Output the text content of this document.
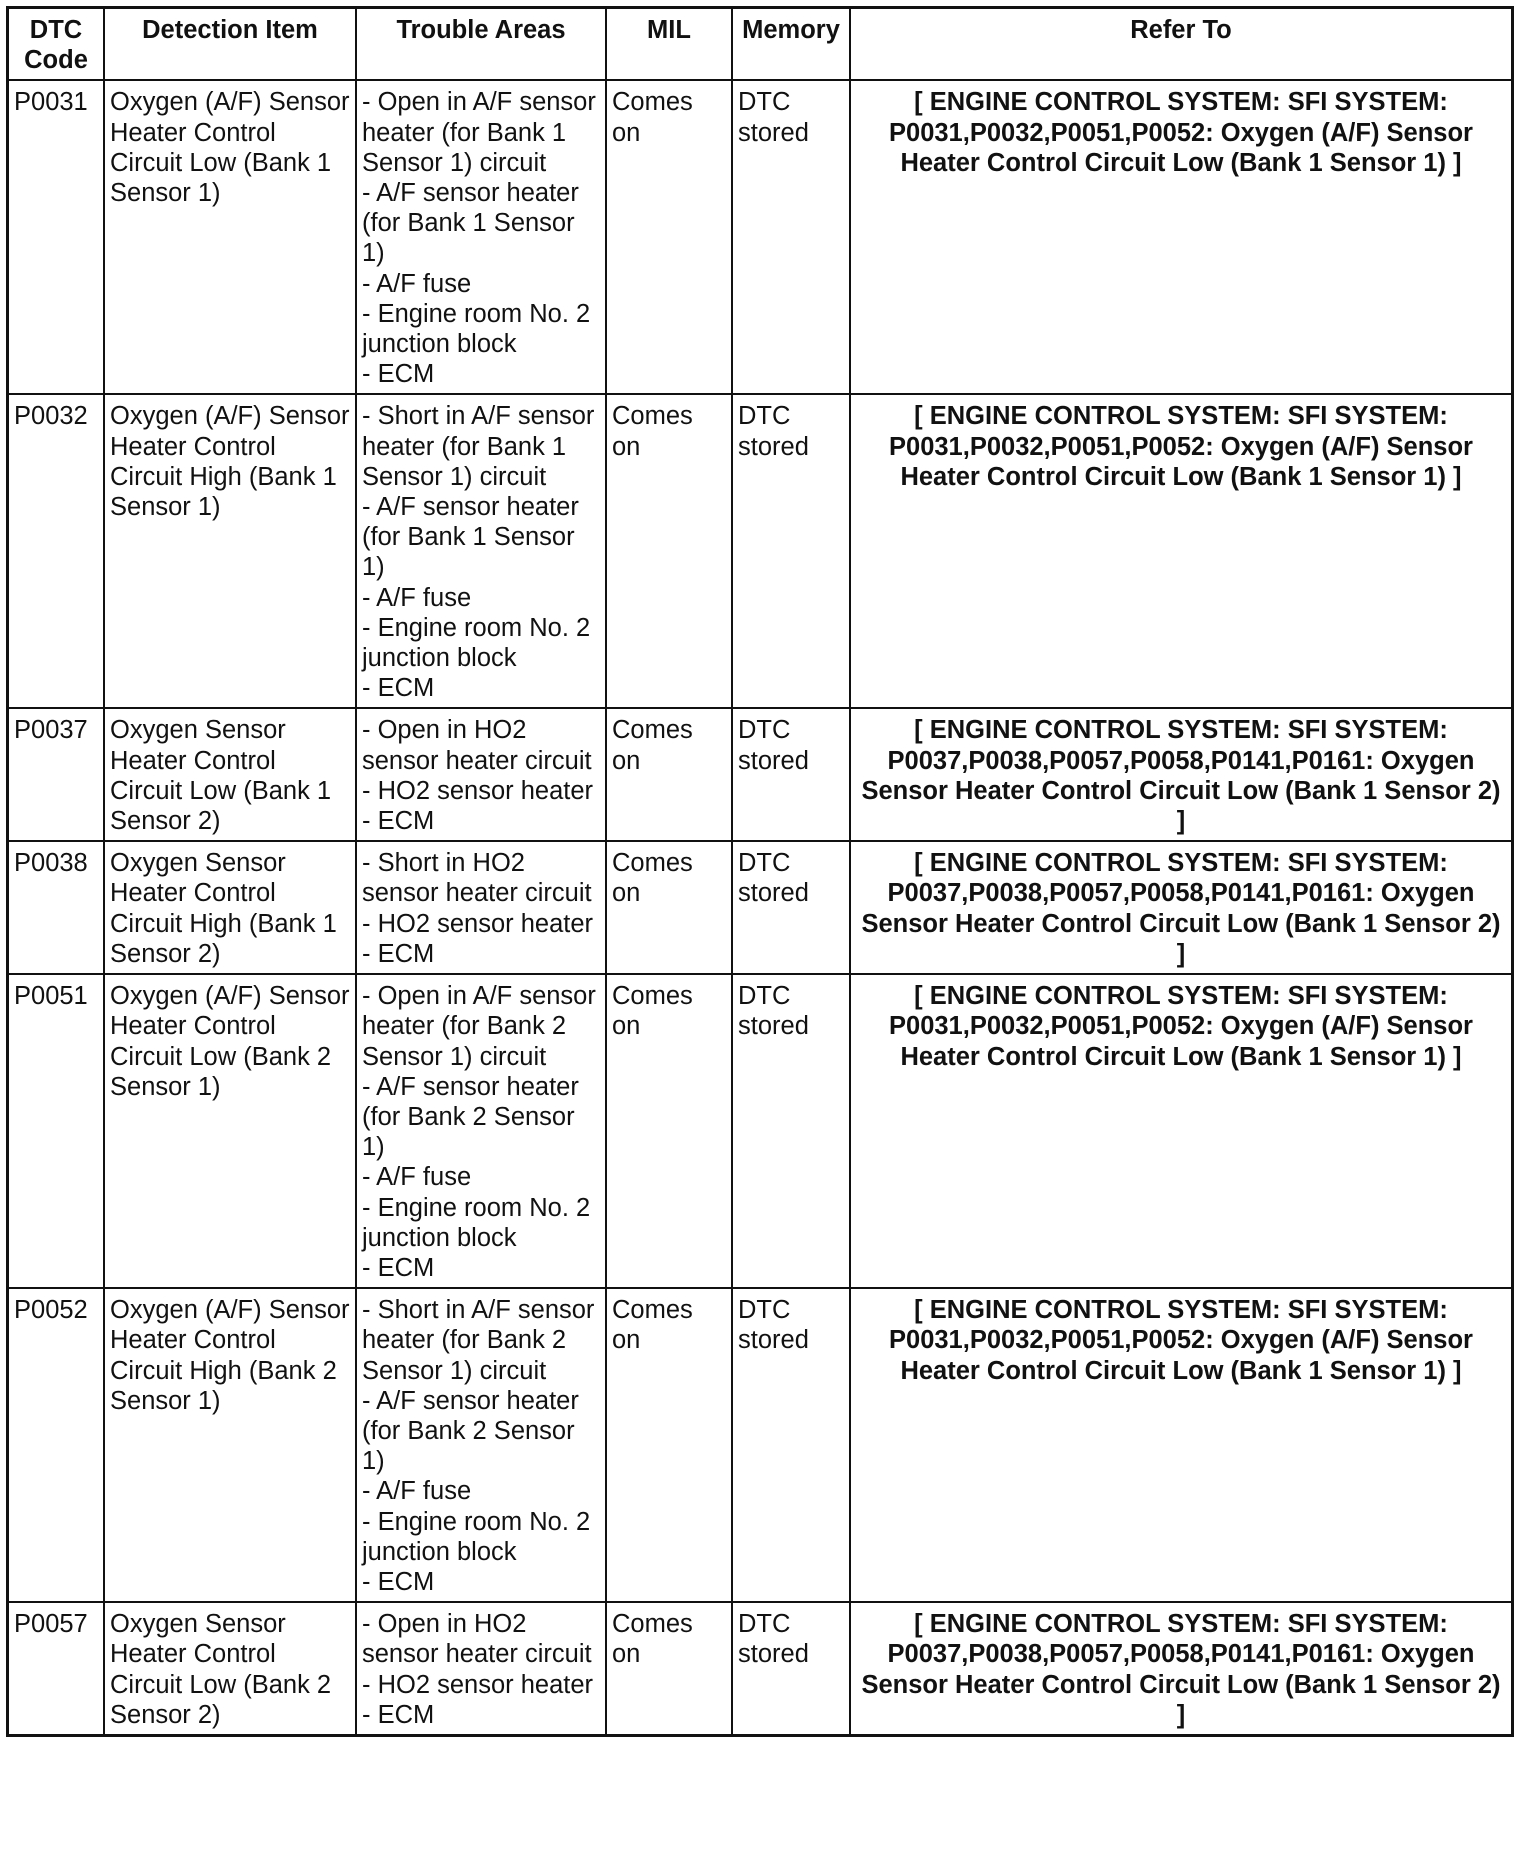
DTC
Code	Detection Item	Trouble Areas	MIL	Memory	Refer To
P0031	Oxygen (A/F) Sensor Heater Control Circuit Low (Bank 1 Sensor 1)	- Open in A/F sensor heater (for Bank 1 Sensor 1) circuit
- A/F sensor heater (for Bank 1 Sensor 1)
- A/F fuse
- Engine room No. 2 junction block
- ECM	Comes on	DTC stored	[ ENGINE CONTROL SYSTEM: SFI SYSTEM: P0031,P0032,P0051,P0052: Oxygen (A/F) Sensor Heater Control Circuit Low (Bank 1 Sensor 1) ]
P0032	Oxygen (A/F) Sensor Heater Control Circuit High (Bank 1 Sensor 1)	- Short in A/F sensor heater (for Bank 1 Sensor 1) circuit
- A/F sensor heater (for Bank 1 Sensor 1)
- A/F fuse
- Engine room No. 2 junction block
- ECM	Comes on	DTC stored	[ ENGINE CONTROL SYSTEM: SFI SYSTEM: P0031,P0032,P0051,P0052: Oxygen (A/F) Sensor Heater Control Circuit Low (Bank 1 Sensor 1) ]
P0037	Oxygen Sensor Heater Control Circuit Low (Bank 1 Sensor 2)	- Open in HO2 sensor heater circuit
- HO2 sensor heater
- ECM	Comes on	DTC stored	[ ENGINE CONTROL SYSTEM: SFI SYSTEM: P0037,P0038,P0057,P0058,P0141,P0161: Oxygen Sensor Heater Control Circuit Low (Bank 1 Sensor 2) ]
P0038	Oxygen Sensor Heater Control Circuit High (Bank 1 Sensor 2)	- Short in HO2 sensor heater circuit
- HO2 sensor heater
- ECM	Comes on	DTC stored	[ ENGINE CONTROL SYSTEM: SFI SYSTEM: P0037,P0038,P0057,P0058,P0141,P0161: Oxygen Sensor Heater Control Circuit Low (Bank 1 Sensor 2) ]
P0051	Oxygen (A/F) Sensor Heater Control Circuit Low (Bank 2 Sensor 1)	- Open in A/F sensor heater (for Bank 2 Sensor 1) circuit
- A/F sensor heater (for Bank 2 Sensor 1)
- A/F fuse
- Engine room No. 2 junction block
- ECM	Comes on	DTC stored	[ ENGINE CONTROL SYSTEM: SFI SYSTEM: P0031,P0032,P0051,P0052: Oxygen (A/F) Sensor Heater Control Circuit Low (Bank 1 Sensor 1) ]
P0052	Oxygen (A/F) Sensor Heater Control Circuit High (Bank 2 Sensor 1)	- Short in A/F sensor heater (for Bank 2 Sensor 1) circuit
- A/F sensor heater (for Bank 2 Sensor 1)
- A/F fuse
- Engine room No. 2 junction block
- ECM	Comes on	DTC stored	[ ENGINE CONTROL SYSTEM: SFI SYSTEM: P0031,P0032,P0051,P0052: Oxygen (A/F) Sensor Heater Control Circuit Low (Bank 1 Sensor 1) ]
P0057	Oxygen Sensor Heater Control Circuit Low (Bank 2 Sensor 2)	- Open in HO2 sensor heater circuit
- HO2 sensor heater
- ECM	Comes on	DTC stored	[ ENGINE CONTROL SYSTEM: SFI SYSTEM: P0037,P0038,P0057,P0058,P0141,P0161: Oxygen Sensor Heater Control Circuit Low (Bank 1 Sensor 2) ]
